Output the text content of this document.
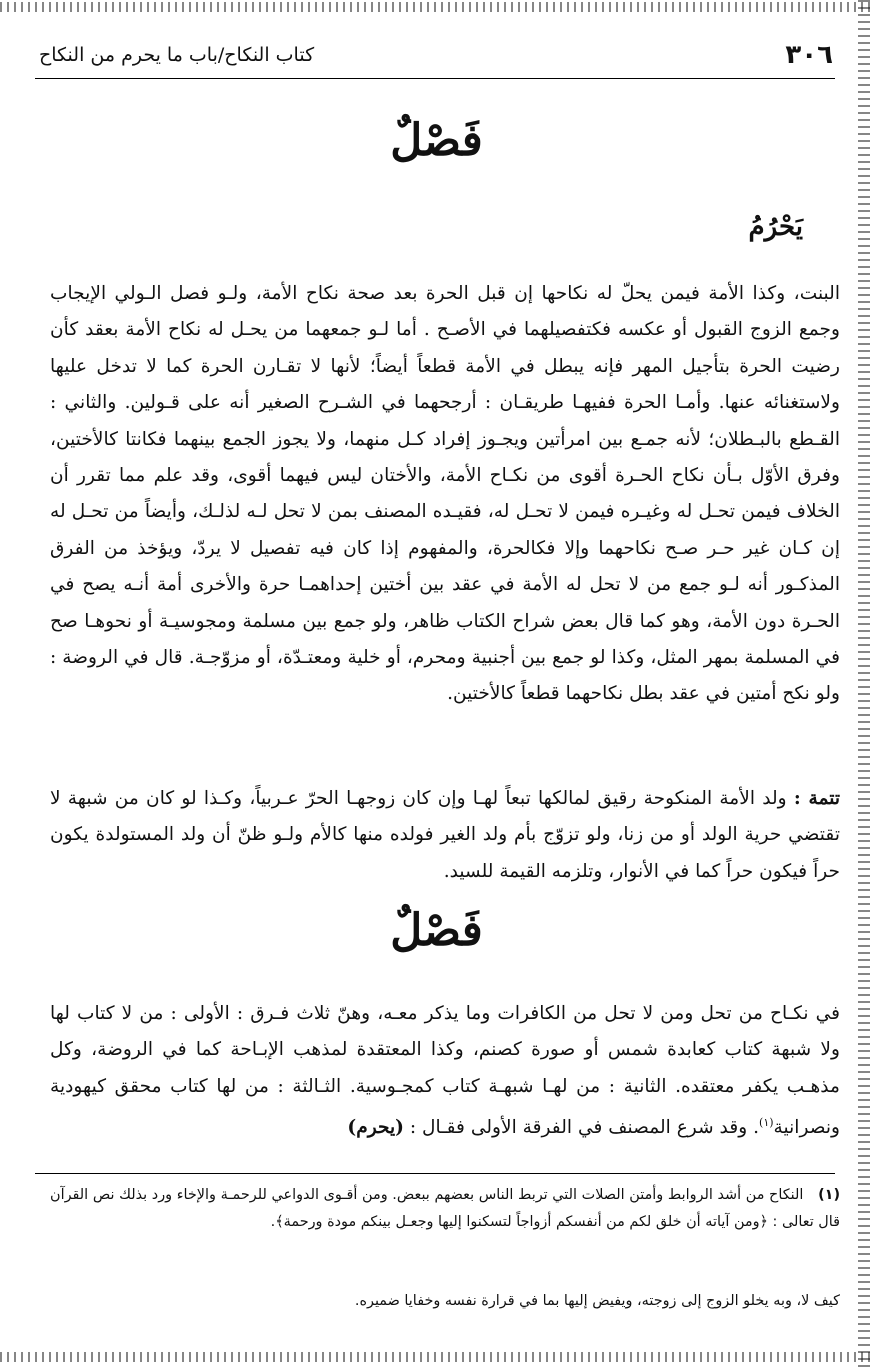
٣٠٦
كتاب النكاح/باب ما يحرم من النكاح
فَصْلٌ
يَحْرُمُ

البنت، وكذا الأمة فيمن يحلّ له نكاحها إن قبل الحرة بعد صحة نكاح الأمة، ولـو فصل الـولي الإيجاب وجمع الزوج القبول أو عكسه فكتفصيلهما في الأصـح . أما لـو جمعهما من يحـل له نكاح الأمة بعقد كأن رضيت الحرة بتأجيل المهر فإنه يبطل في الأمة قطعاً أيضاً؛ لأنها لا تقـارن الحرة كما لا تدخل عليها ولاستغنائه عنها. وأمـا الحرة ففيهـا طريقـان : أرجحهما في الشـرح الصغير أنه على قـولين. والثاني : القـطع بالبـطلان؛ لأنه جمـع بين امرأتين ويجـوز إفراد كـل منهما، ولا يجوز الجمع بينهما فكانتا كالأختين، وفرق الأوّل بـأن نكاح الحـرة أقوى من نكـاح الأمة، والأختان ليس فيهما أقوى، وقد علم مما تقرر أن الخلاف فيمن تحـل له وغيـره فيمن لا تحـل له، فقيـده المصنف بمن لا تحل لـه لذلـك، وأيضاً من تحـل له إن كـان غير حـر صـح نكاحهما وإلا فكالحرة، والمفهوم إذا كان فيه تفصيل لا يردّ، ويؤخذ من الفرق المذكـور أنه لـو جمع من لا تحل له الأمة في عقد بين أختين إحداهمـا حرة والأخرى أمة أنـه يصح في الحـرة دون الأمة، وهو كما قال بعض شراح الكتاب ظاهر، ولو جمع بين مسلمة ومجوسيـة أو نحوهـا صح في المسلمة بمهر المثل، وكذا لو جمع بين أجنبية ومحرم، أو خلية ومعتـدّة، أو مزوّجـة. قال في الروضة : ولو نكح أمتين في عقد بطل نكاحهما قطعاً كالأختين.

تتمة : ولد الأمة المنكوحة رقيق لمالكها تبعاً لهـا وإن كان زوجهـا الحرّ عـربياً، وكـذا لو كان من شبهة لا تقتضي حرية الولد أو من زنا، ولو تزوّج بأم ولد الغير فولده منها كالأم ولـو ظنّ أن ولد المستولدة يكون حراً فيكون حراً كما في الأنوار، وتلزمه القيمة للسيد.

فَصْلٌ

في نكـاح من تحل ومن لا تحل من الكافرات وما يذكر معـه، وهنّ ثلاث فـرق : الأولى : من لا كتاب لها ولا شبهة كتاب كعابدة شمس أو صورة كصنم، وكذا المعتقدة لمذهب الإبـاحة كما في الروضة، وكل مذهـب يكفر معتقده. الثانية : من لهـا شبهـة كتاب كمجـوسية. الثـالثة : من لها كتاب محقق كيهودية ونصرانية$^{(١)}$. وقد شرع المصنف في الفرقة الأولى فقـال : (يحرم)

(١) النكاح من أشد الروابط وأمتن الصلات التي تربط الناس بعضهم ببعض. ومن أقـوى الدواعي للرحمـة والإخاء ورد بذلك نص القرآن قال تعالى : ﴿ومن آياته أن خلق لكم من أنفسكم أزواجاً لتسكنوا إليها وجعـل بينكم مودة ورحمة﴾.

كيف لا، وبه يخلو الزوج إلى زوجته، ويفيض إليها بما في قرارة نفسه وخفايا ضميره.
